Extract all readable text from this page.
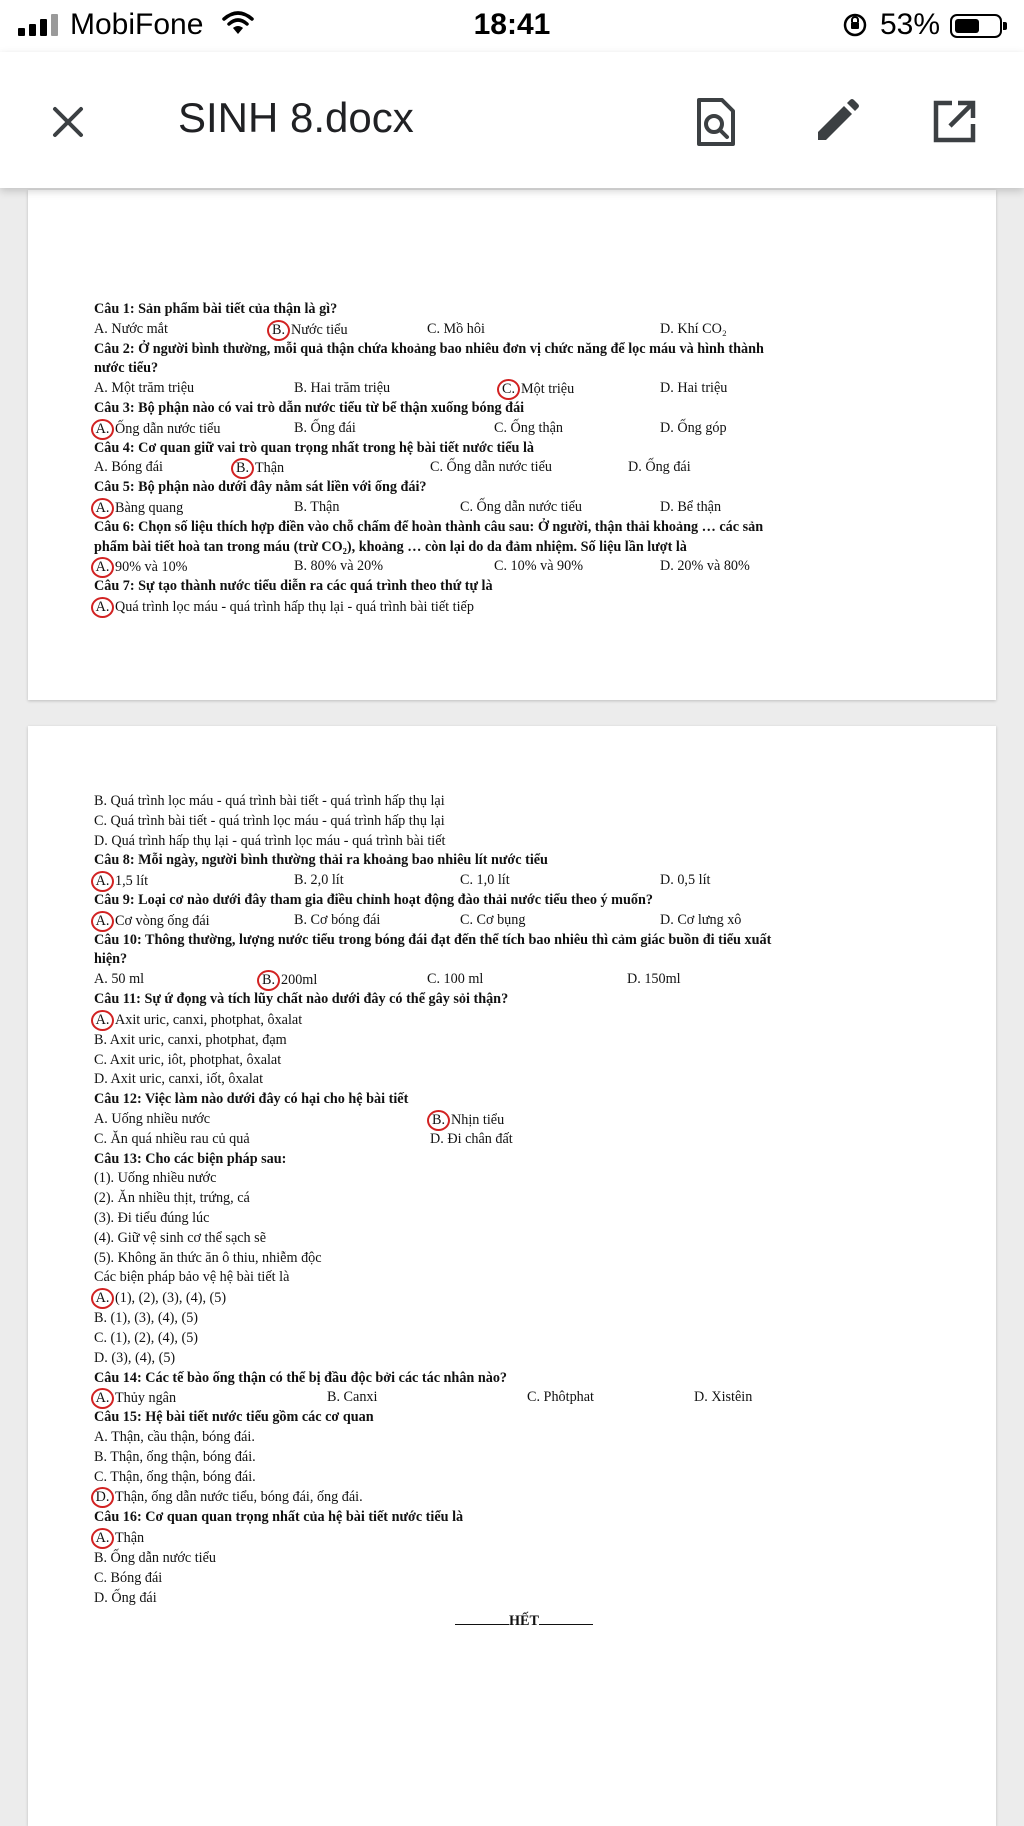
MobiFone	18:41	53%
SINH 8.docx
Câu 1: Sản phẩm bài tiết của thận là gì?
A. Nước mắt	B. Nước tiểu	C. Mồ hôi	D. Khí CO₂
Câu 2: Ở người bình thường, mỗi quả thận chứa khoảng bao nhiêu đơn vị chức năng để lọc máu và hình thành
nước tiểu?
A. Một trăm triệu	B. Hai trăm triệu	C. Một triệu	D. Hai triệu
Câu 3: Bộ phận nào có vai trò dẫn nước tiểu từ bể thận xuống bóng đái
A. Ống dẫn nước tiểu	B. Ống đái	C. Ống thận	D. Ống góp
Câu 4: Cơ quan giữ vai trò quan trọng nhất trong hệ bài tiết nước tiểu là
A. Bóng đái	B. Thận	C. Ống dẫn nước tiểu	D. Ống đái
Câu 5: Bộ phận nào dưới đây nằm sát liền với ống đái?
A. Bàng quang	B. Thận	C. Ống dẫn nước tiểu	D. Bể thận
Câu 6: Chọn số liệu thích hợp điền vào chỗ chấm để hoàn thành câu sau: Ở người, thận thải khoảng … các sản
phẩm bài tiết hoà tan trong máu (trừ CO₂), khoảng … còn lại do da đảm nhiệm. Số liệu lần lượt là
A. 90% và 10%	B. 80% và 20%	C. 10% và 90%	D. 20% và 80%
Câu 7: Sự tạo thành nước tiểu diễn ra các quá trình theo thứ tự là
A. Quá trình lọc máu - quá trình hấp thụ lại - quá trình bài tiết tiếp
B. Quá trình lọc máu - quá trình bài tiết - quá trình hấp thụ lại
C. Quá trình bài tiết - quá trình lọc máu - quá trình hấp thụ lại
D. Quá trình hấp thụ lại - quá trình lọc máu - quá trình bài tiết
Câu 8: Mỗi ngày, người bình thường thải ra khoảng bao nhiêu lít nước tiểu
A. 1,5 lít	B. 2,0 lít	C. 1,0 lít	D. 0,5 lít
Câu 9: Loại cơ nào dưới đây tham gia điều chỉnh hoạt động đào thải nước tiểu theo ý muốn?
A. Cơ vòng ống đái	B. Cơ bóng đái	C. Cơ bụng	D. Cơ lưng xô
Câu 10: Thông thường, lượng nước tiểu trong bóng đái đạt đến thể tích bao nhiêu thì cảm giác buồn đi tiểu xuất
hiện?
A. 50 ml	B. 200ml	C. 100 ml	D. 150ml
Câu 11: Sự ứ đọng và tích lũy chất nào dưới đây có thể gây sỏi thận?
A. Axit uric, canxi, photphat, ôxalat
B. Axit uric, canxi, photphat, đạm
C. Axit uric, iôt, photphat, ôxalat
D. Axit uric, canxi, iốt, ôxalat
Câu 12: Việc làm nào dưới đây có hại cho hệ bài tiết
A. Uống nhiều nước	B. Nhịn tiểu
C. Ăn quá nhiều rau củ quả	D. Đi chân đất
Câu 13: Cho các biện pháp sau:
(1). Uống nhiều nước
(2). Ăn nhiều thịt, trứng, cá
(3). Đi tiểu đúng lúc
(4). Giữ vệ sinh cơ thể sạch sẽ
(5). Không ăn thức ăn ô thiu, nhiễm độc
Các biện pháp bảo vệ hệ bài tiết là
A. (1), (2), (3), (4), (5)
B. (1), (3), (4), (5)
C. (1), (2), (4), (5)
D. (3), (4), (5)
Câu 14: Các tế bào ống thận có thể bị đầu độc bởi các tác nhân nào?
A. Thủy ngân	B. Canxi	C. Phôtphat	D. Xistêin
Câu 15: Hệ bài tiết nước tiểu gồm các cơ quan
A. Thận, cầu thận, bóng đái.
B. Thận, ống thận, bóng đái.
C. Thận, ống thận, bóng đái.
D. Thận, ống dẫn nước tiểu, bóng đái, ống đái.
Câu 16: Cơ quan quan trọng nhất của hệ bài tiết nước tiểu là
A. Thận
B. Ống dẫn nước tiểu
C. Bóng đái
D. Ống đái
HẾT
